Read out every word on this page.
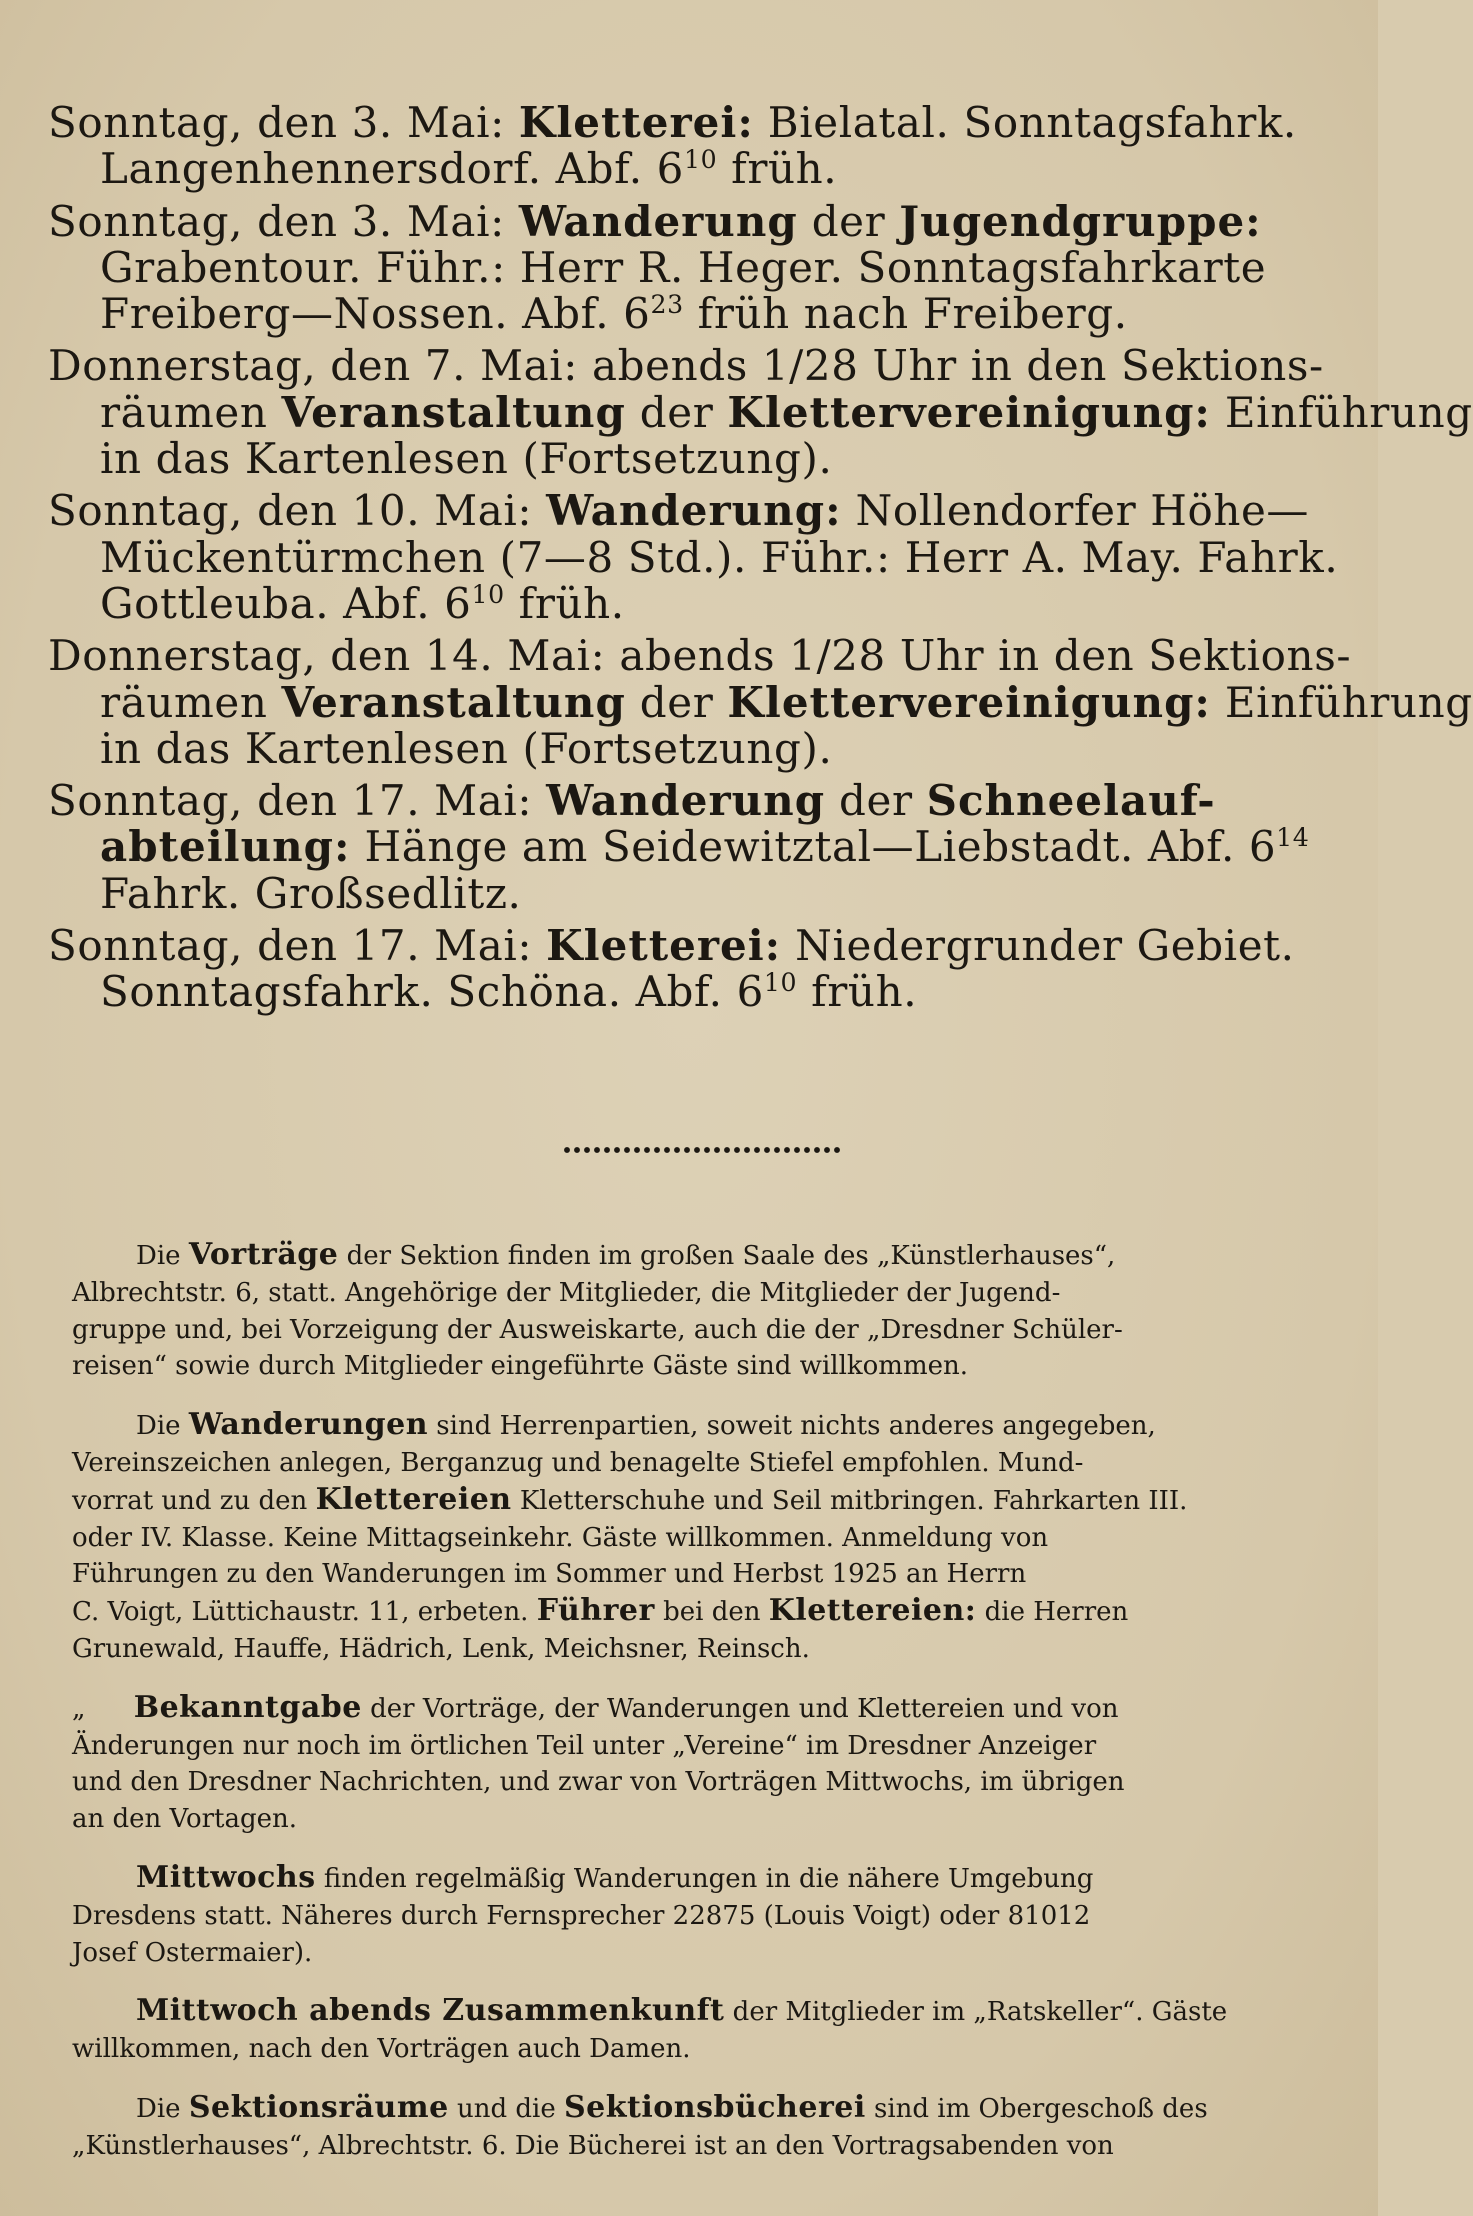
Sonntag, den 3. Mai: Kletterei: Bielatal. Sonntagsfahrk.
Langenhennersdorf. Abf. $6^{10}$ früh.
Sonntag, den 3. Mai: Wanderung der Jugendgruppe:
Grabentour. Führ.: Herr R. Heger. Sonntagsfahrkarte
Freiberg—Nossen. Abf. $6^{23}$ früh nach Freiberg.
Donnerstag, den 7. Mai: abends 1/28 Uhr in den Sektions-
räumen Veranstaltung der Klettervereinigung: Einführung
in das Kartenlesen (Fortsetzung).
Sonntag, den 10. Mai: Wanderung: Nollendorfer Höhe—
Mückentürmchen (7—8 Std.). Führ.: Herr A. May. Fahrk.
Gottleuba. Abf. $6^{10}$ früh.
Donnerstag, den 14. Mai: abends 1/28 Uhr in den Sektions-
räumen Veranstaltung der Klettervereinigung: Einführung
in das Kartenlesen (Fortsetzung).
Sonntag, den 17. Mai: Wanderung der Schneelauf-
abteilung: Hänge am Seidewitztal—Liebstadt. Abf. $6^{14}$
Fahrk. Großsedlitz.
Sonntag, den 17. Mai: Kletterei: Niedergrunder Gebiet.
Sonntagsfahrk. Schöna. Abf. $6^{10}$ früh.
Die Vorträge der Sektion finden im großen Saale des „Künstlerhauses“,
Albrechtstr. 6, statt. Angehörige der Mitglieder, die Mitglieder der Jugend-
gruppe und, bei Vorzeigung der Ausweiskarte, auch die der „Dresdner Schüler-
reisen“ sowie durch Mitglieder eingeführte Gäste sind willkommen.
Die Wanderungen sind Herrenpartien, soweit nichts anderes angegeben,
Vereinszeichen anlegen, Berganzug und benagelte Stiefel empfohlen. Mund-
vorrat und zu den Klettereien Kletterschuhe und Seil mitbringen. Fahrkarten III.
oder IV. Klasse. Keine Mittagseinkehr. Gäste willkommen. Anmeldung von
Führungen zu den Wanderungen im Sommer und Herbst 1925 an Herrn
C. Voigt, Lüttichaustr. 11, erbeten. Führer bei den Klettereien: die Herren
Grunewald, Hauffe, Hädrich, Lenk, Meichsner, Reinsch.
„ Bekanntgabe der Vorträge, der Wanderungen und Klettereien und von
Änderungen nur noch im örtlichen Teil unter „Vereine“ im Dresdner Anzeiger
und den Dresdner Nachrichten, und zwar von Vorträgen Mittwochs, im übrigen
an den Vortagen.
Mittwochs finden regelmäßig Wanderungen in die nähere Umgebung
Dresdens statt. Näheres durch Fernsprecher 22875 (Louis Voigt) oder 81012
Josef Ostermaier).
Mittwoch abends Zusammenkunft der Mitglieder im „Ratskeller“. Gäste
willkommen, nach den Vorträgen auch Damen.
Die Sektionsräume und die Sektionsbücherei sind im Obergeschoß des
„Künstlerhauses“, Albrechtstr. 6. Die Bücherei ist an den Vortragsabenden von
